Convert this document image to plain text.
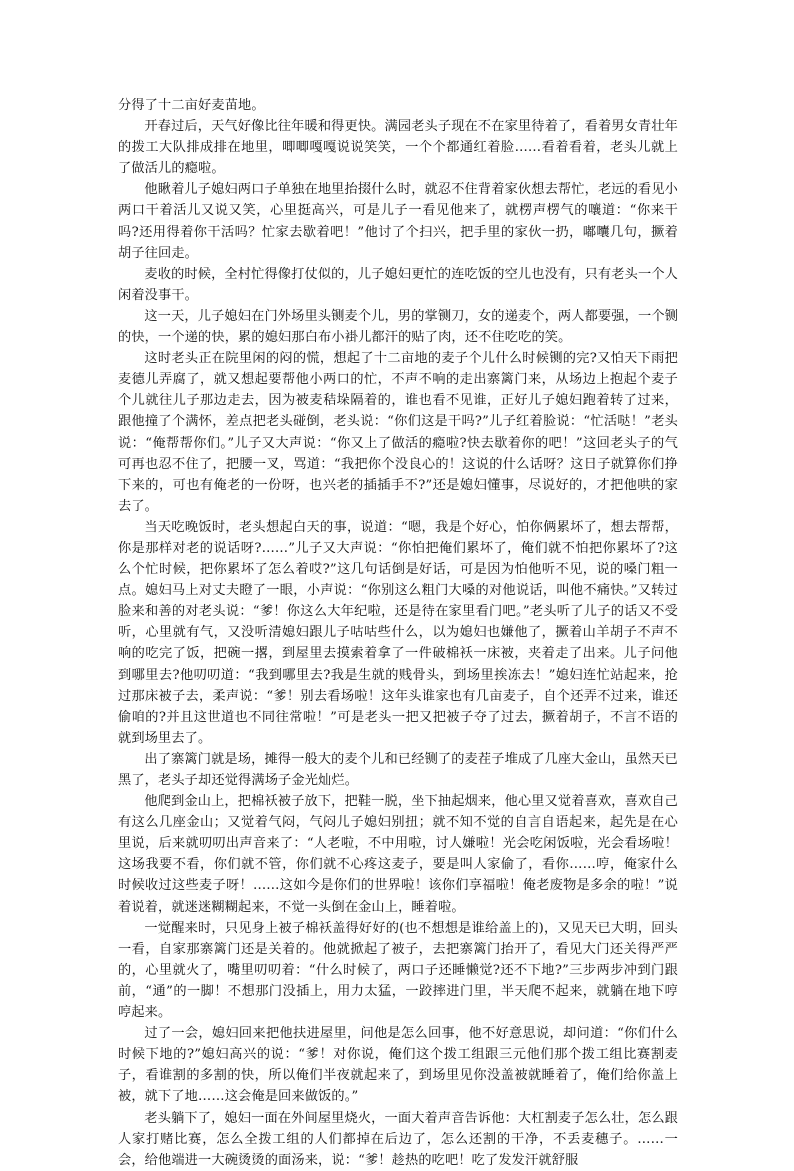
分得了十二亩好麦苗地。

开春过后，天气好像比往年暖和得更快。满园老头子现在不在家里待着了，看着男女青壮年的拨工大队排成排在地里，唧唧嘎嘎说说笑笑，一个个都通红着脸……看着看着，老头儿就上了做活儿的瘾啦。

他瞅着儿子媳妇两口子单独在地里抬掇什么时，就忍不住背着家伙想去帮忙，老远的看见小两口干着活儿又说又笑，心里挺高兴，可是儿子一看见他来了，就楞声楞气的嚷道：“你来干吗?还用得着你干活吗？忙家去歇着吧！”他讨了个扫兴，把手里的家伙一扔，嘟囔几句，撅着胡子往回走。

麦收的时候，全村忙得像打仗似的，儿子媳妇更忙的连吃饭的空儿也没有，只有老头一个人闲着没事干。

这一天，儿子媳妇在门外场里头铡麦个儿，男的掌铡刀，女的递麦个，两人都要强，一个铡的快，一个递的快，累的媳妇那白布小褂儿都汗的贴了肉，还不住吃吃的笑。

这时老头正在院里闲的闷的慌，想起了十二亩地的麦子个儿什么时候铡的完?又怕天下雨把麦德儿弄腐了，就又想起要帮他小两口的忙，不声不响的走出寨篱门来，从场边上抱起个麦子个儿就往儿子那边走去，因为被麦秸垛隔着的，谁也看不见谁，正好儿子媳妇跑着转了过来，跟他撞了个满怀，差点把老头碰倒，老头说：“你们这是干吗?”儿子红着脸说：“忙活哒！”老头说：“俺帮帮你们。”儿子又大声说：“你又上了做活的瘾啦?快去歇着你的吧！”这回老头子的气可再也忍不住了，把腰一叉，骂道：“我把你个没良心的！这说的什么话呀？这日子就算你们挣下来的，可也有俺老的一份呀，也兴老的插插手不?”还是媳妇懂事，尽说好的，才把他哄的家去了。

当天吃晚饭时，老头想起白天的事，说道：“嗯，我是个好心，怕你俩累坏了，想去帮帮，你是那样对老的说话呀?……”儿子又大声说：“你怕把俺们累坏了，俺们就不怕把你累坏了?这么个忙时候，把你累坏了怎么着哎?”这几句话倒是好话，可是因为怕他听不见，说的嗓门粗一点。媳妇马上对丈夫瞪了一眼，小声说：“你别这么粗门大嗓的对他说话，叫他不痛快。”又转过脸来和善的对老头说：“爹！你这么大年纪啦，还是待在家里看门吧。”老头听了儿子的话又不受听，心里就有气，又没听清媳妇跟儿子咕咕些什么，以为媳妇也嫌他了，撅着山羊胡子不声不响的吃完了饭，把碗一撂，到屋里去摸索着拿了一件破棉袄一床被，夹着走了出来。儿子问他到哪里去?他叨叨道：“我到哪里去?我是生就的贱骨头，到场里挨冻去！”媳妇连忙站起来，抢过那床被子去，柔声说：“爹！别去看场啦！这年头谁家也有几亩麦子，自个还弄不过来，谁还偷咱的?并且这世道也不同往常啦！”可是老头一把又把被子夺了过去，撅着胡子，不言不语的就到场里去了。

出了寨篱门就是场，摊得一般大的麦个儿和已经铡了的麦茬子堆成了几座大金山，虽然天已黑了，老头子却还觉得满场子金光灿烂。

他爬到金山上，把棉袄被子放下，把鞋一脱，坐下抽起烟来，他心里又觉着喜欢，喜欢自己有这么几座金山；又觉着气闷，气闷儿子媳妇别扭；就不知不觉的自言自语起来，起先是在心里说，后来就叨叨出声音来了：“人老啦，不中用啦，讨人嫌啦！光会吃闲饭啦，光会看场啦！这场我要不看，你们就不管，你们就不心疼这麦子，要是叫人家偷了，看你……哼，俺家什么时候收过这些麦子呀！……这如今是你们的世界啦！该你们享福啦！俺老废物是多余的啦！”说着说着，就迷迷糊糊起来，不觉一头倒在金山上，睡着啦。

一觉醒来时，只见身上被子棉袄盖得好好的(也不想想是谁给盖上的)，又见天已大明，回头一看，自家那寨篱门还是关着的。他就掀起了被子，去把寨篱门抬开了，看见大门还关得严严的，心里就火了，嘴里叨叨着：“什么时候了，两口子还睡懒觉?还不下地?”三步两步冲到门跟前，“通”的一脚！不想那门没插上，用力太猛，一跤摔进门里，半天爬不起来，就躺在地下哼哼起来。

过了一会，媳妇回来把他扶进屋里，问他是怎么回事，他不好意思说，却问道：“你们什么时候下地的?”媳妇高兴的说：“爹！对你说，俺们这个拨工组跟三元他们那个拨工组比赛割麦子，看谁割的多割的快，所以俺们半夜就起来了，到场里见你没盖被就睡着了，俺们给你盖上被，就下了地……这会俺是回来做饭的。”

老头躺下了，媳妇一面在外间屋里烧火，一面大着声音告诉他：大杠割麦子怎么壮，怎么跟人家打赌比赛，怎么全拨工组的人们都掉在后边了，怎么还割的干净，不丢麦穗子。……一会，给他端进一大碗烫烫的面汤来，说：“爹！趁热的吃吧！吃了发发汗就舒服
